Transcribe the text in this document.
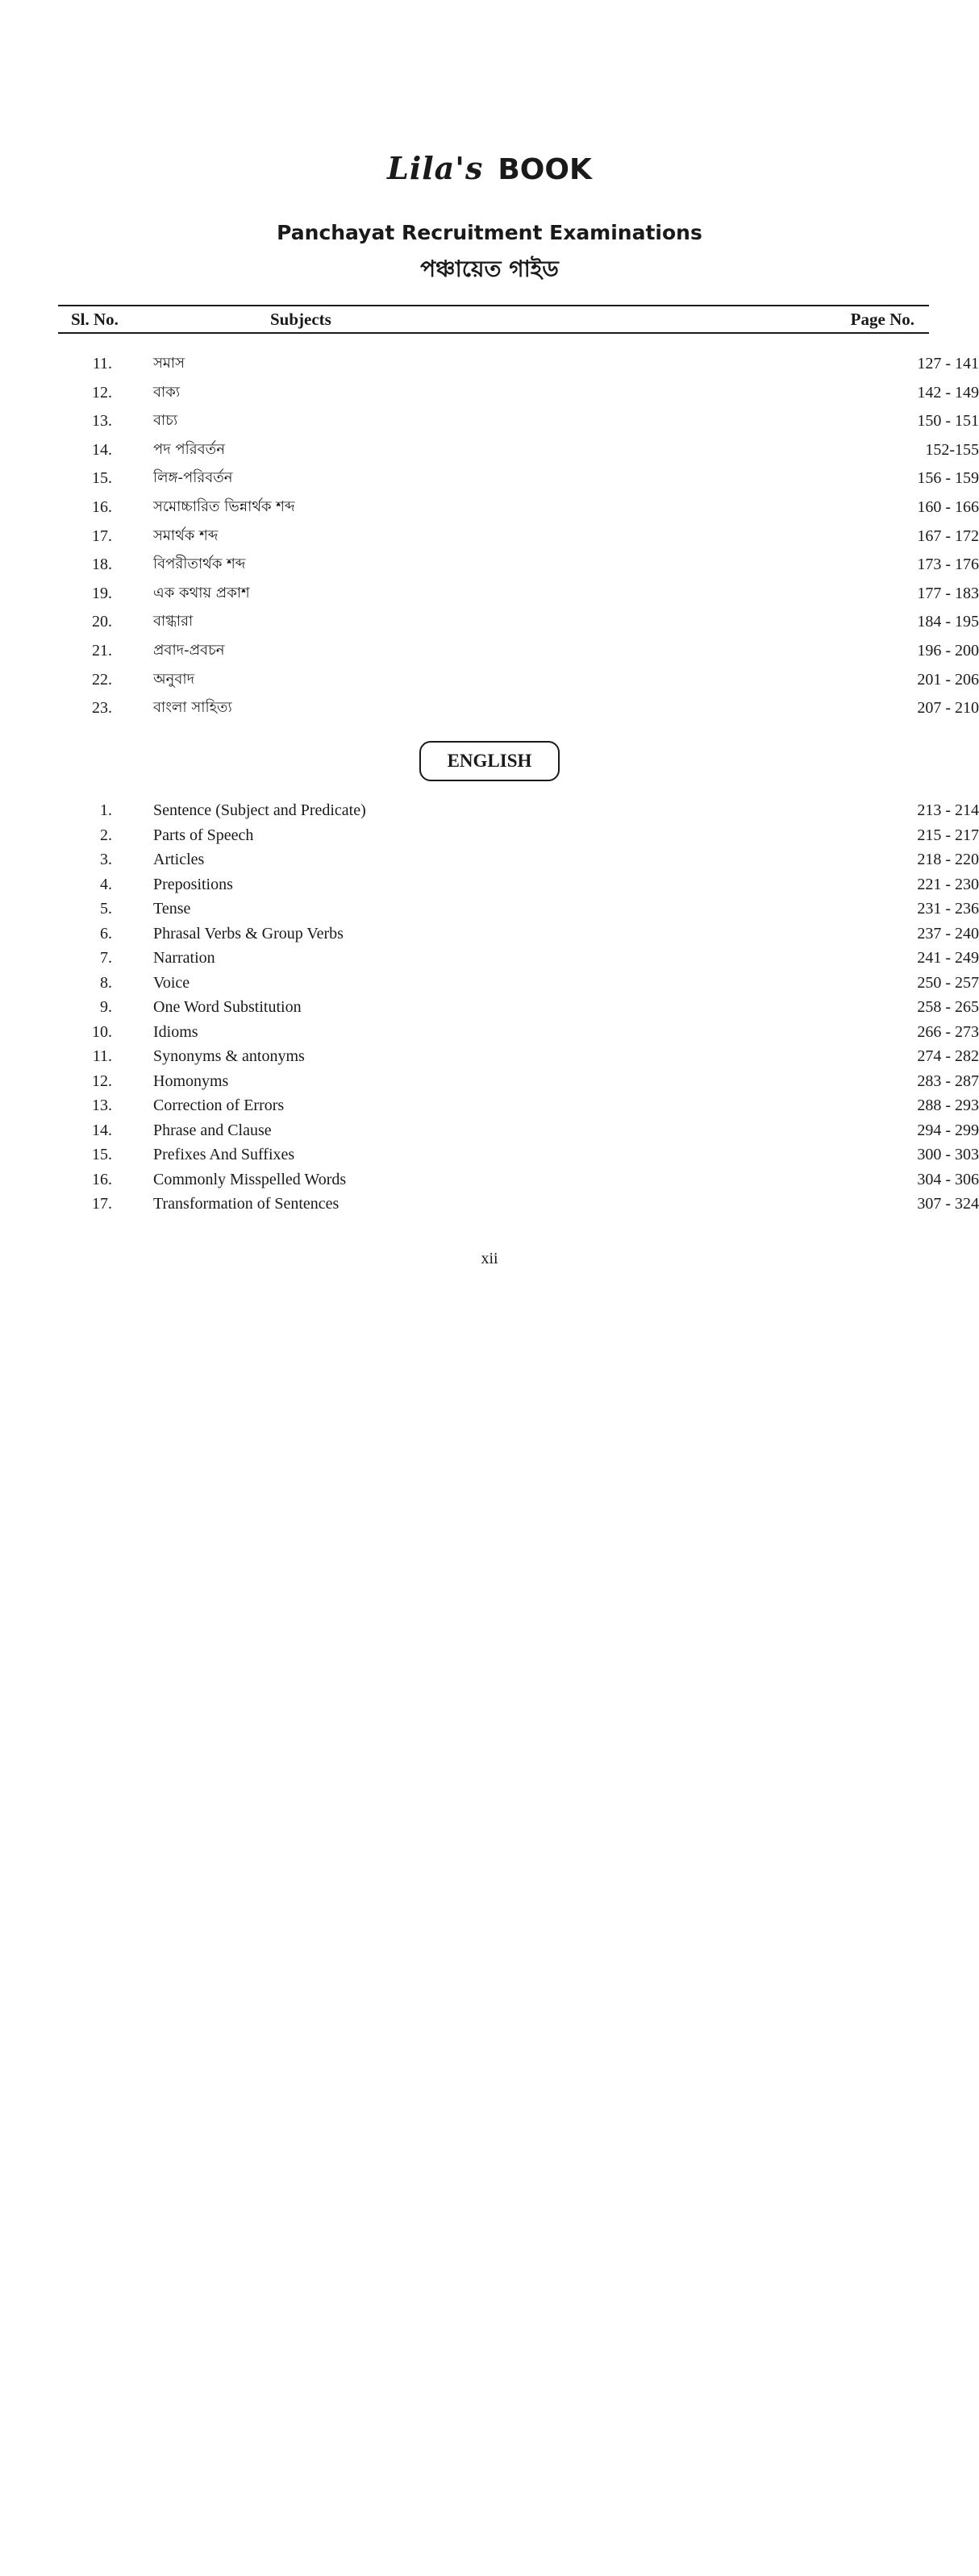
Lila's BOOK
Panchayat Recruitment Examinations
পঞ্চায়েত গাইড
Sl. No.	Subjects	Page No.
11.	সমাস	127 - 141
12.	বাক্য	142 - 149
13.	বাচ্য	150 - 151
14.	পদ পরিবর্তন	152-155
15.	লিঙ্গ-পরিবর্তন	156 - 159
16.	সমোচ্চারিত ভিন্নার্থক শব্দ	160 - 166
17.	সমার্থক শব্দ	167 - 172
18.	বিপরীতার্থক শব্দ	173 - 176
19.	এক কথায় প্রকাশ	177 - 183
20.	বাগ্ধারা	184 - 195
21.	প্রবাদ-প্রবচন	196 - 200
22.	অনুবাদ	201 - 206
23.	বাংলা সাহিত্য	207 - 210
ENGLISH
1.	Sentence (Subject and Predicate)	213 - 214
2.	Parts of Speech	215 - 217
3.	Articles	218 - 220
4.	Prepositions	221 - 230
5.	Tense	231 - 236
6.	Phrasal Verbs & Group Verbs	237 - 240
7.	Narration	241 - 249
8.	Voice	250 - 257
9.	One Word Substitution	258 - 265
10.	Idioms	266 - 273
11.	Synonyms & antonyms	274 - 282
12.	Homonyms	283 - 287
13.	Correction of Errors	288 - 293
14.	Phrase and Clause	294 - 299
15.	Prefixes And Suffixes	300 - 303
16.	Commonly Misspelled Words	304 - 306
17.	Transformation of Sentences	307 - 324
xii
